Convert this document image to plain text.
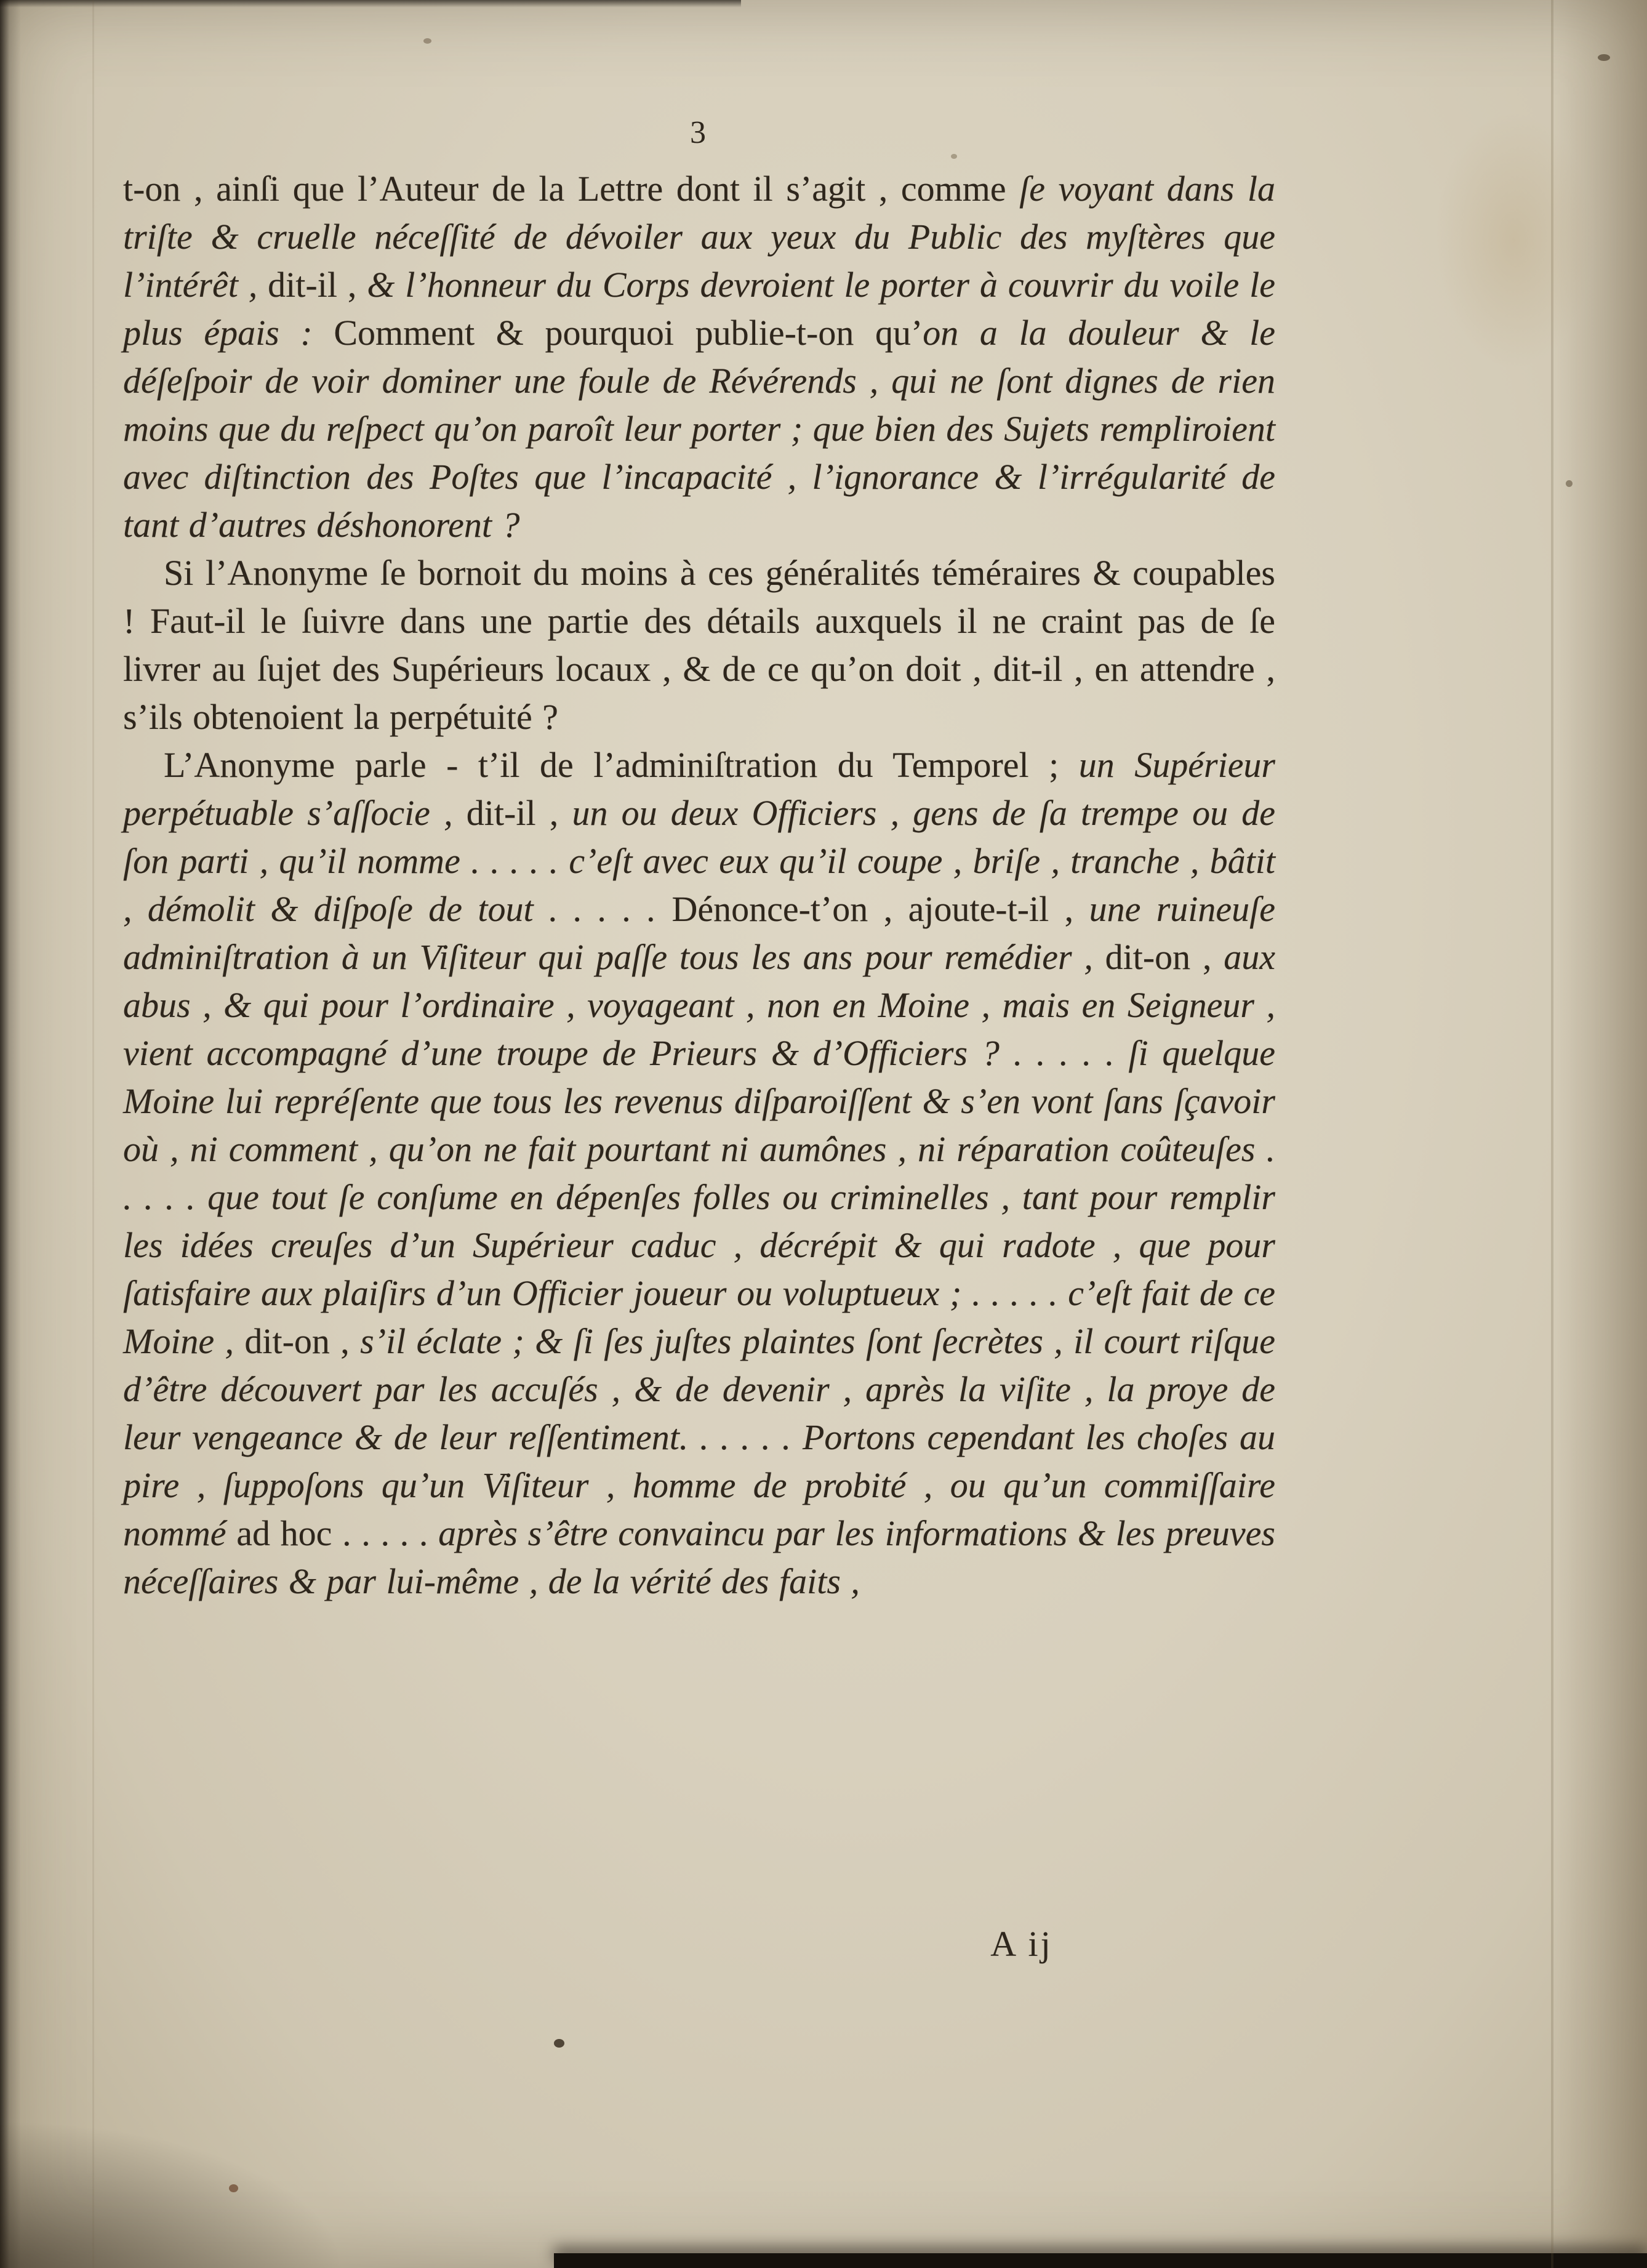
3

t-on , ainſi que l’Auteur de la Lettre dont il s’agit , comme ſe voyant dans la triſte & cruelle néceſſité de dévoiler aux yeux du Public des myſtères que l’intérêt , dit-il , & l’honneur du Corps devroient le porter à couvrir du voile le plus épais : Comment & pourquoi publie-t-on qu’on a la douleur & le déſeſpoir de voir dominer une foule de Révérends , qui ne ſont dignes de rien moins que du reſpect qu’on paroît leur porter ; que bien des Sujets rempliroient avec diſtinction des Poſtes que l’incapacité , l’ignorance & l’irrégularité de tant d’autres déshonorent ?

Si l’Anonyme ſe bornoit du moins à ces généralités téméraires & coupables ! Faut-il le ſuivre dans une partie des détails auxquels il ne craint pas de ſe livrer au ſujet des Supérieurs locaux , & de ce qu’on doit , dit-il , en attendre , s’ils obtenoient la perpétuité ?

L’Anonyme parle - t’il de l’adminiſtration du Temporel ; un Supérieur perpétuable s’aſſocie , dit-il , un ou deux Officiers , gens de ſa trempe ou de ſon parti , qu’il nomme . . . . . c’eſt avec eux qu’il coupe , briſe , tranche , bâtit , démolit & diſpoſe de tout . . . . . Dénonce-t’on , ajoute-t-il , une ruineuſe adminiſtration à un Viſiteur qui paſſe tous les ans pour remédier , dit-on , aux abus , & qui pour l’ordinaire , voyageant , non en Moine , mais en Seigneur , vient accompagné d’une troupe de Prieurs & d’Officiers ? . . . . . ſi quelque Moine lui repréſente que tous les revenus diſparoiſſent & s’en vont ſans ſçavoir où , ni comment , qu’on ne fait pourtant ni aumônes , ni réparation coûteuſes . . . . . que tout ſe conſume en dépenſes folles ou criminelles , tant pour remplir les idées creuſes d’un Supérieur caduc , décrépit & qui radote , que pour ſatisfaire aux plaiſirs d’un Officier joueur ou voluptueux ; . . . . . c’eſt fait de ce Moine , dit-on , s’il éclate ; & ſi ſes juſtes plaintes ſont ſecrètes , il court riſque d’être découvert par les accuſés , & de devenir , après la viſite , la proye de leur vengeance & de leur reſſentiment. . . . . . Portons cependant les choſes au pire , ſuppoſons qu’un Viſiteur , homme de probité , ou qu’un commiſſaire nommé ad hoc . . . . . après s’être convaincu par les informations & les preuves néceſſaires & par lui-même , de la vérité des faits ,

A ij
